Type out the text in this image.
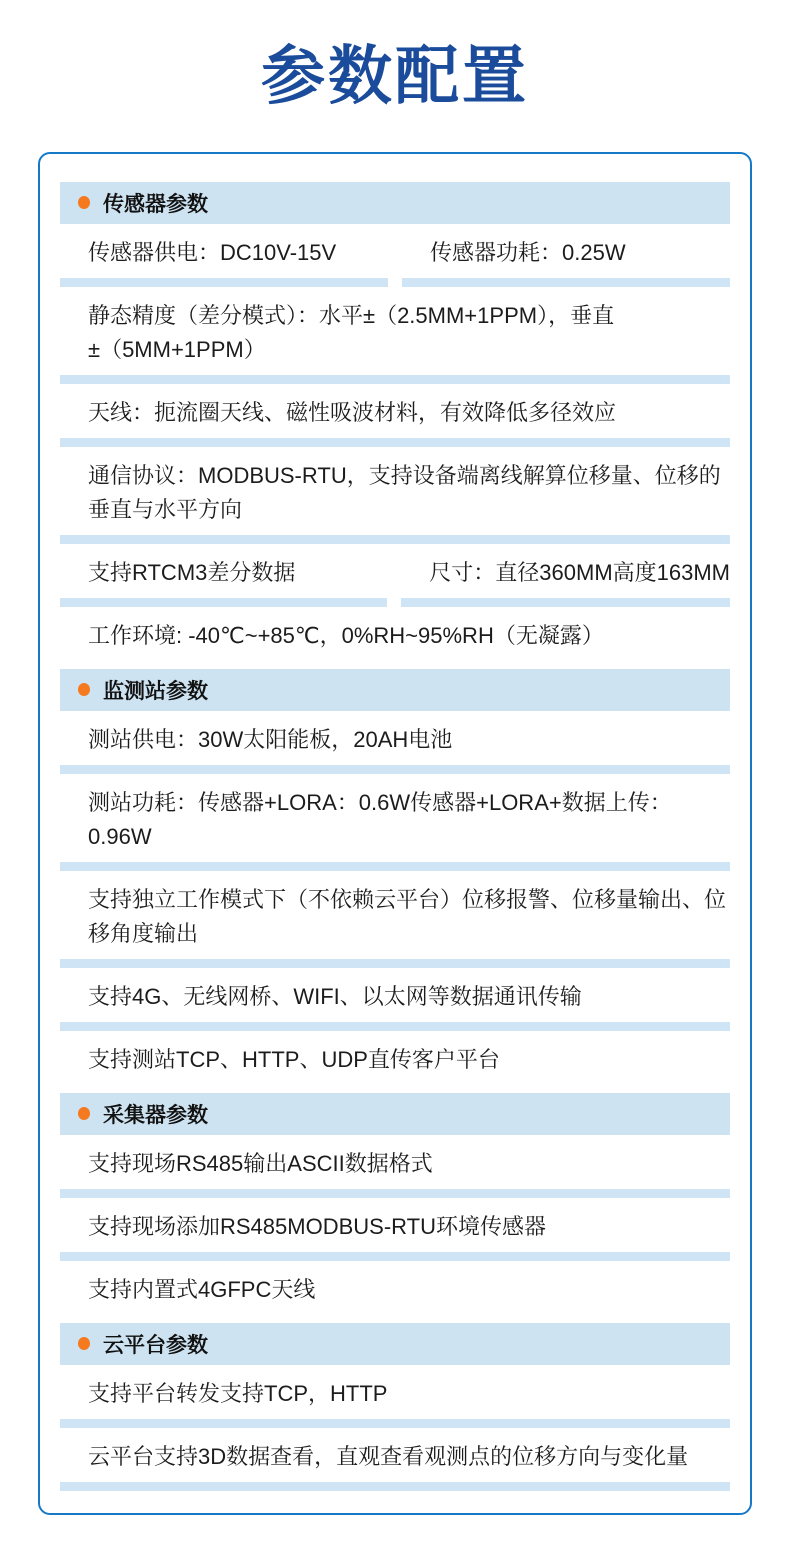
参数配置
传感器参数
传感器供电：DC10V-15V	传感器功耗：0.25W
静态精度（差分模式）：水平±（2.5MM+1PPM），垂直±（5MM+1PPM）
天线：扼流圈天线、磁性吸波材料，有效降低多径效应
通信协议：MODBUS-RTU，支持设备端离线解算位移量、位移的垂直与水平方向
支持RTCM3差分数据	尺寸：直径360MM高度163MM
工作环境: -40℃~+85℃，0%RH~95%RH（无凝露）
监测站参数
测站供电：30W太阳能板，20AH电池
测站功耗：传感器+LORA：0.6W传感器+LORA+数据上传：0.96W
支持独立工作模式下（不依赖云平台）位移报警、位移量输出、位移角度输出
支持4G、无线网桥、WIFI、以太网等数据通讯传输
支持测站TCP、HTTP、UDP直传客户平台
采集器参数
支持现场RS485输出ASCII数据格式
支持现场添加RS485MODBUS-RTU环境传感器
支持内置式4GFPC天线
云平台参数
支持平台转发支持TCP，HTTP
云平台支持3D数据查看，直观查看观测点的位移方向与变化量
